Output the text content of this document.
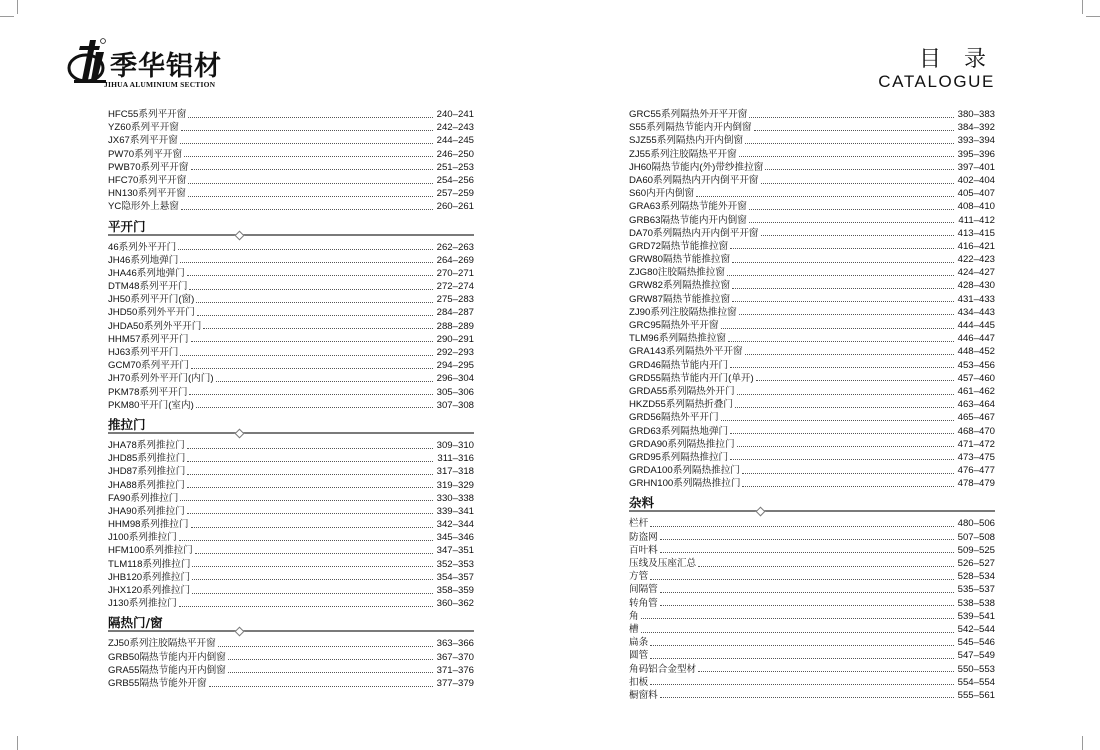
季华铝材
JIHUA ALUMINIUM SECTION
目 录
CATALOGUE
HFC55系列平开窗	240–241
YZ60系列平开窗	242–243
JX67系列平开窗	244–245
PW70系列平开窗	246–250
PWB70系列平开窗	251–253
HFC70系列平开窗	254–256
HN130系列平开窗	257–259
YC隐形外上悬窗	260–261
平开门
46系列外平开门	262–263
JH46系列地弹门	264–269
JHA46系列地弹门	270–271
DTM48系列平开门	272–274
JH50系列平开门(窗)	275–283
JHD50系列外平开门	284–287
JHDA50系列外平开门	288–289
HHM57系列平开门	290–291
HJ63系列平开门	292–293
GCM70系列平开门	294–295
JH70系列外平开门(内门)	296–304
PKM78系列平开门	305–306
PKM80平开门(室内)	307–308
推拉门
JHA78系列推拉门	309–310
JHD85系列推拉门	311–316
JHD87系列推拉门	317–318
JHA88系列推拉门	319–329
FA90系列推拉门	330–338
JHA90系列推拉门	339–341
HHM98系列推拉门	342–344
J100系列推拉门	345–346
HFM100系列推拉门	347–351
TLM118系列推拉门	352–353
JHB120系列推拉门	354–357
JHX120系列推拉门	358–359
J130系列推拉门	360–362
隔热门/窗
ZJ50系列注胶隔热平开窗	363–366
GRB50隔热节能内开内倒窗	367–370
GRA55隔热节能内开内倒窗	371–376
GRB55隔热节能外开窗	377–379
GRC55系列隔热外开平开窗	380–383
S55系列隔热节能内开内倒窗	384–392
SJZ55系列隔热内开内倒窗	393–394
ZJ55系列注胶隔热平开窗	395–396
JH60隔热节能内(外)带纱推拉窗	397–401
DA60系列隔热内开内倒平开窗	402–404
S60内开内倒窗	405–407
GRA63系列隔热节能外开窗	408–410
GRB63隔热节能内开内倒窗	411–412
DA70系列隔热内开内倒平开窗	413–415
GRD72隔热节能推拉窗	416–421
GRW80隔热节能推拉窗	422–423
ZJG80注胶隔热推拉窗	424–427
GRW82系列隔热推拉窗	428–430
GRW87隔热节能推拉窗	431–433
ZJ90系列注胶隔热推拉窗	434–443
GRC95隔热外平开窗	444–445
TLM96系列隔热推拉窗	446–447
GRA143系列隔热外平开窗	448–452
GRD46隔热节能内开门	453–456
GRD55隔热节能内开门(单开)	457–460
GRDA55系列隔热外开门	461–462
HKZD55系列隔热折叠门	463–464
GRD56隔热外平开门	465–467
GRD63系列隔热地弹门	468–470
GRDA90系列隔热推拉门	471–472
GRD95系列隔热推拉门	473–475
GRDA100系列隔热推拉门	476–477
GRHN100系列隔热推拉门	478–479
杂料
栏杆	480–506
防盗网	507–508
百叶料	509–525
压线及压座汇总	526–527
方管	528–534
间隔管	535–537
转角管	538–538
角	539–541
槽	542–544
扁条	545–546
圆管	547–549
角码铝合金型材	550–553
扣板	554–554
橱窗料	555–561
